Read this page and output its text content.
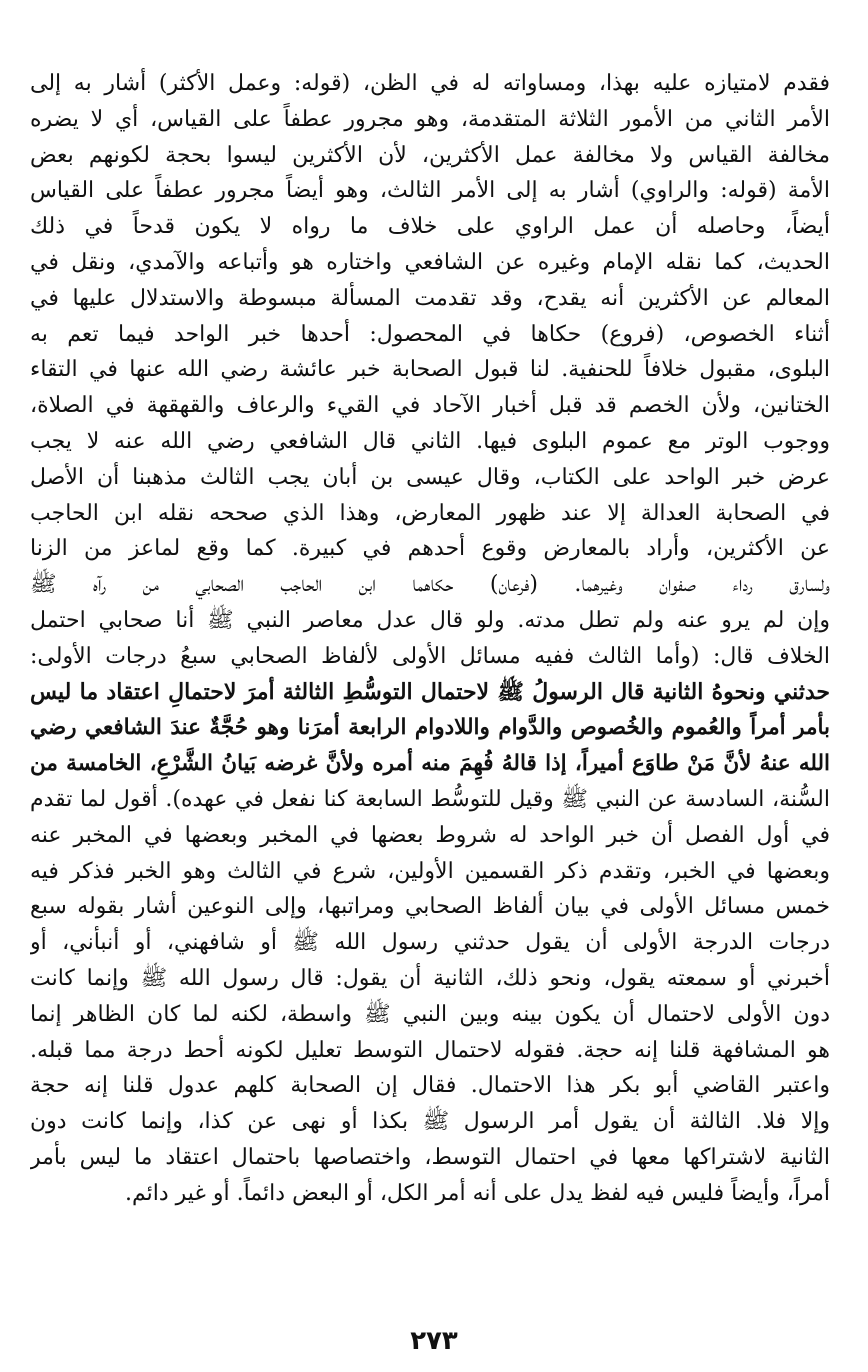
فقدم لامتيازه عليه بهذا، ومساواته له في الظن، (قوله: وعمل الأكثر) أشار به إلى
الأمر الثاني من الأمور الثلاثة المتقدمة، وهو مجرور عطفاً على القياس، أي لا يضره
مخالفة القياس ولا مخالفة عمل الأكثرين، لأن الأكثرين ليسوا بحجة لكونهم بعض
الأمة (قوله: والراوي) أشار به إلى الأمر الثالث، وهو أيضاً مجرور عطفاً على القياس
أيضاً، وحاصله أن عمل الراوي على خلاف ما رواه لا يكون قدحاً في ذلك
الحديث، كما نقله الإمام وغيره عن الشافعي واختاره هو وأتباعه والآمدي، ونقل في
المعالم عن الأكثرين أنه يقدح، وقد تقدمت المسألة مبسوطة والاستدلال عليها في
أثناء الخصوص، (فروع) حكاها في المحصول: أحدها خبر الواحد فيما تعم به
البلوى، مقبول خلافاً للحنفية. لنا قبول الصحابة خبر عائشة رضي الله عنها في التقاء
الختانين، ولأن الخصم قد قبل أخبار الآحاد في القيء والرعاف والقهقهة في الصلاة،
ووجوب الوتر مع عموم البلوى فيها. الثاني قال الشافعي رضي الله عنه لا يجب
عرض خبر الواحد على الكتاب، وقال عيسى بن أبان يجب الثالث مذهبنا أن الأصل
في الصحابة العدالة إلا عند ظهور المعارض، وهذا الذي صححه نقله ابن الحاجب
عن الأكثرين، وأراد بالمعارض وقوع أحدهم في كبيرة. كما وقع لماعز من الزنا
ولسارق رداء صفوان وغيرهما. (فرعان) حكاهما ابن الحاجب الصحابي من رآه ﷺ
وإن لم يرو عنه ولم تطل مدته. ولو قال عدل معاصر النبي ﷺ أنا صحابي احتمل
الخلاف قال: (وأما الثالث ففيه مسائل الأولى لألفاظ الصحابي سبعُ درجات الأولى:
حدثني ونحوهُ الثانية قال الرسولُ ﷺ لاحتمال التوسُّطِ الثالثة أمرَ لاحتمالِ اعتقاد ما ليس
بأمر أمراً والعُموم والخُصوص والدَّوام واللادوام الرابعة أمرَنا وهو حُجَّةٌ عندَ الشافعي رضي
الله عنهُ لأنَّ مَنْ طاوَع أميراً، إذا قالهُ فُهِمَ منه أمره ولأنَّ غرضه بَيانُ الشَّرْعِ، الخامسة من
السُّنة، السادسة عن النبي ﷺ وقيل للتوسُّط السابعة كنا نفعل في عهده). أقول لما تقدم
في أول الفصل أن خبر الواحد له شروط بعضها في المخبر وبعضها في المخبر عنه
وبعضها في الخبر، وتقدم ذكر القسمين الأولين، شرع في الثالث وهو الخبر فذكر فيه
خمس مسائل الأولى في بيان ألفاظ الصحابي ومراتبها، وإلى النوعين أشار بقوله سبع
درجات الدرجة الأولى أن يقول حدثني رسول الله ﷺ أو شافهني، أو أنبأني، أو
أخبرني أو سمعته يقول، ونحو ذلك، الثانية أن يقول: قال رسول الله ﷺ وإنما كانت
دون الأولى لاحتمال أن يكون بينه وبين النبي ﷺ واسطة، لكنه لما كان الظاهر إنما
هو المشافهة قلنا إنه حجة. فقوله لاحتمال التوسط تعليل لكونه أحط درجة مما قبله.
واعتبر القاضي أبو بكر هذا الاحتمال. فقال إن الصحابة كلهم عدول قلنا إنه حجة
وإلا فلا. الثالثة أن يقول أمر الرسول ﷺ بكذا أو نهى عن كذا، وإنما كانت دون
الثانية لاشتراكها معها في احتمال التوسط، واختصاصها باحتمال اعتقاد ما ليس بأمر
أمراً، وأيضاً فليس فيه لفظ يدل على أنه أمر الكل، أو البعض دائماً. أو غير دائم.
٢٧٣
